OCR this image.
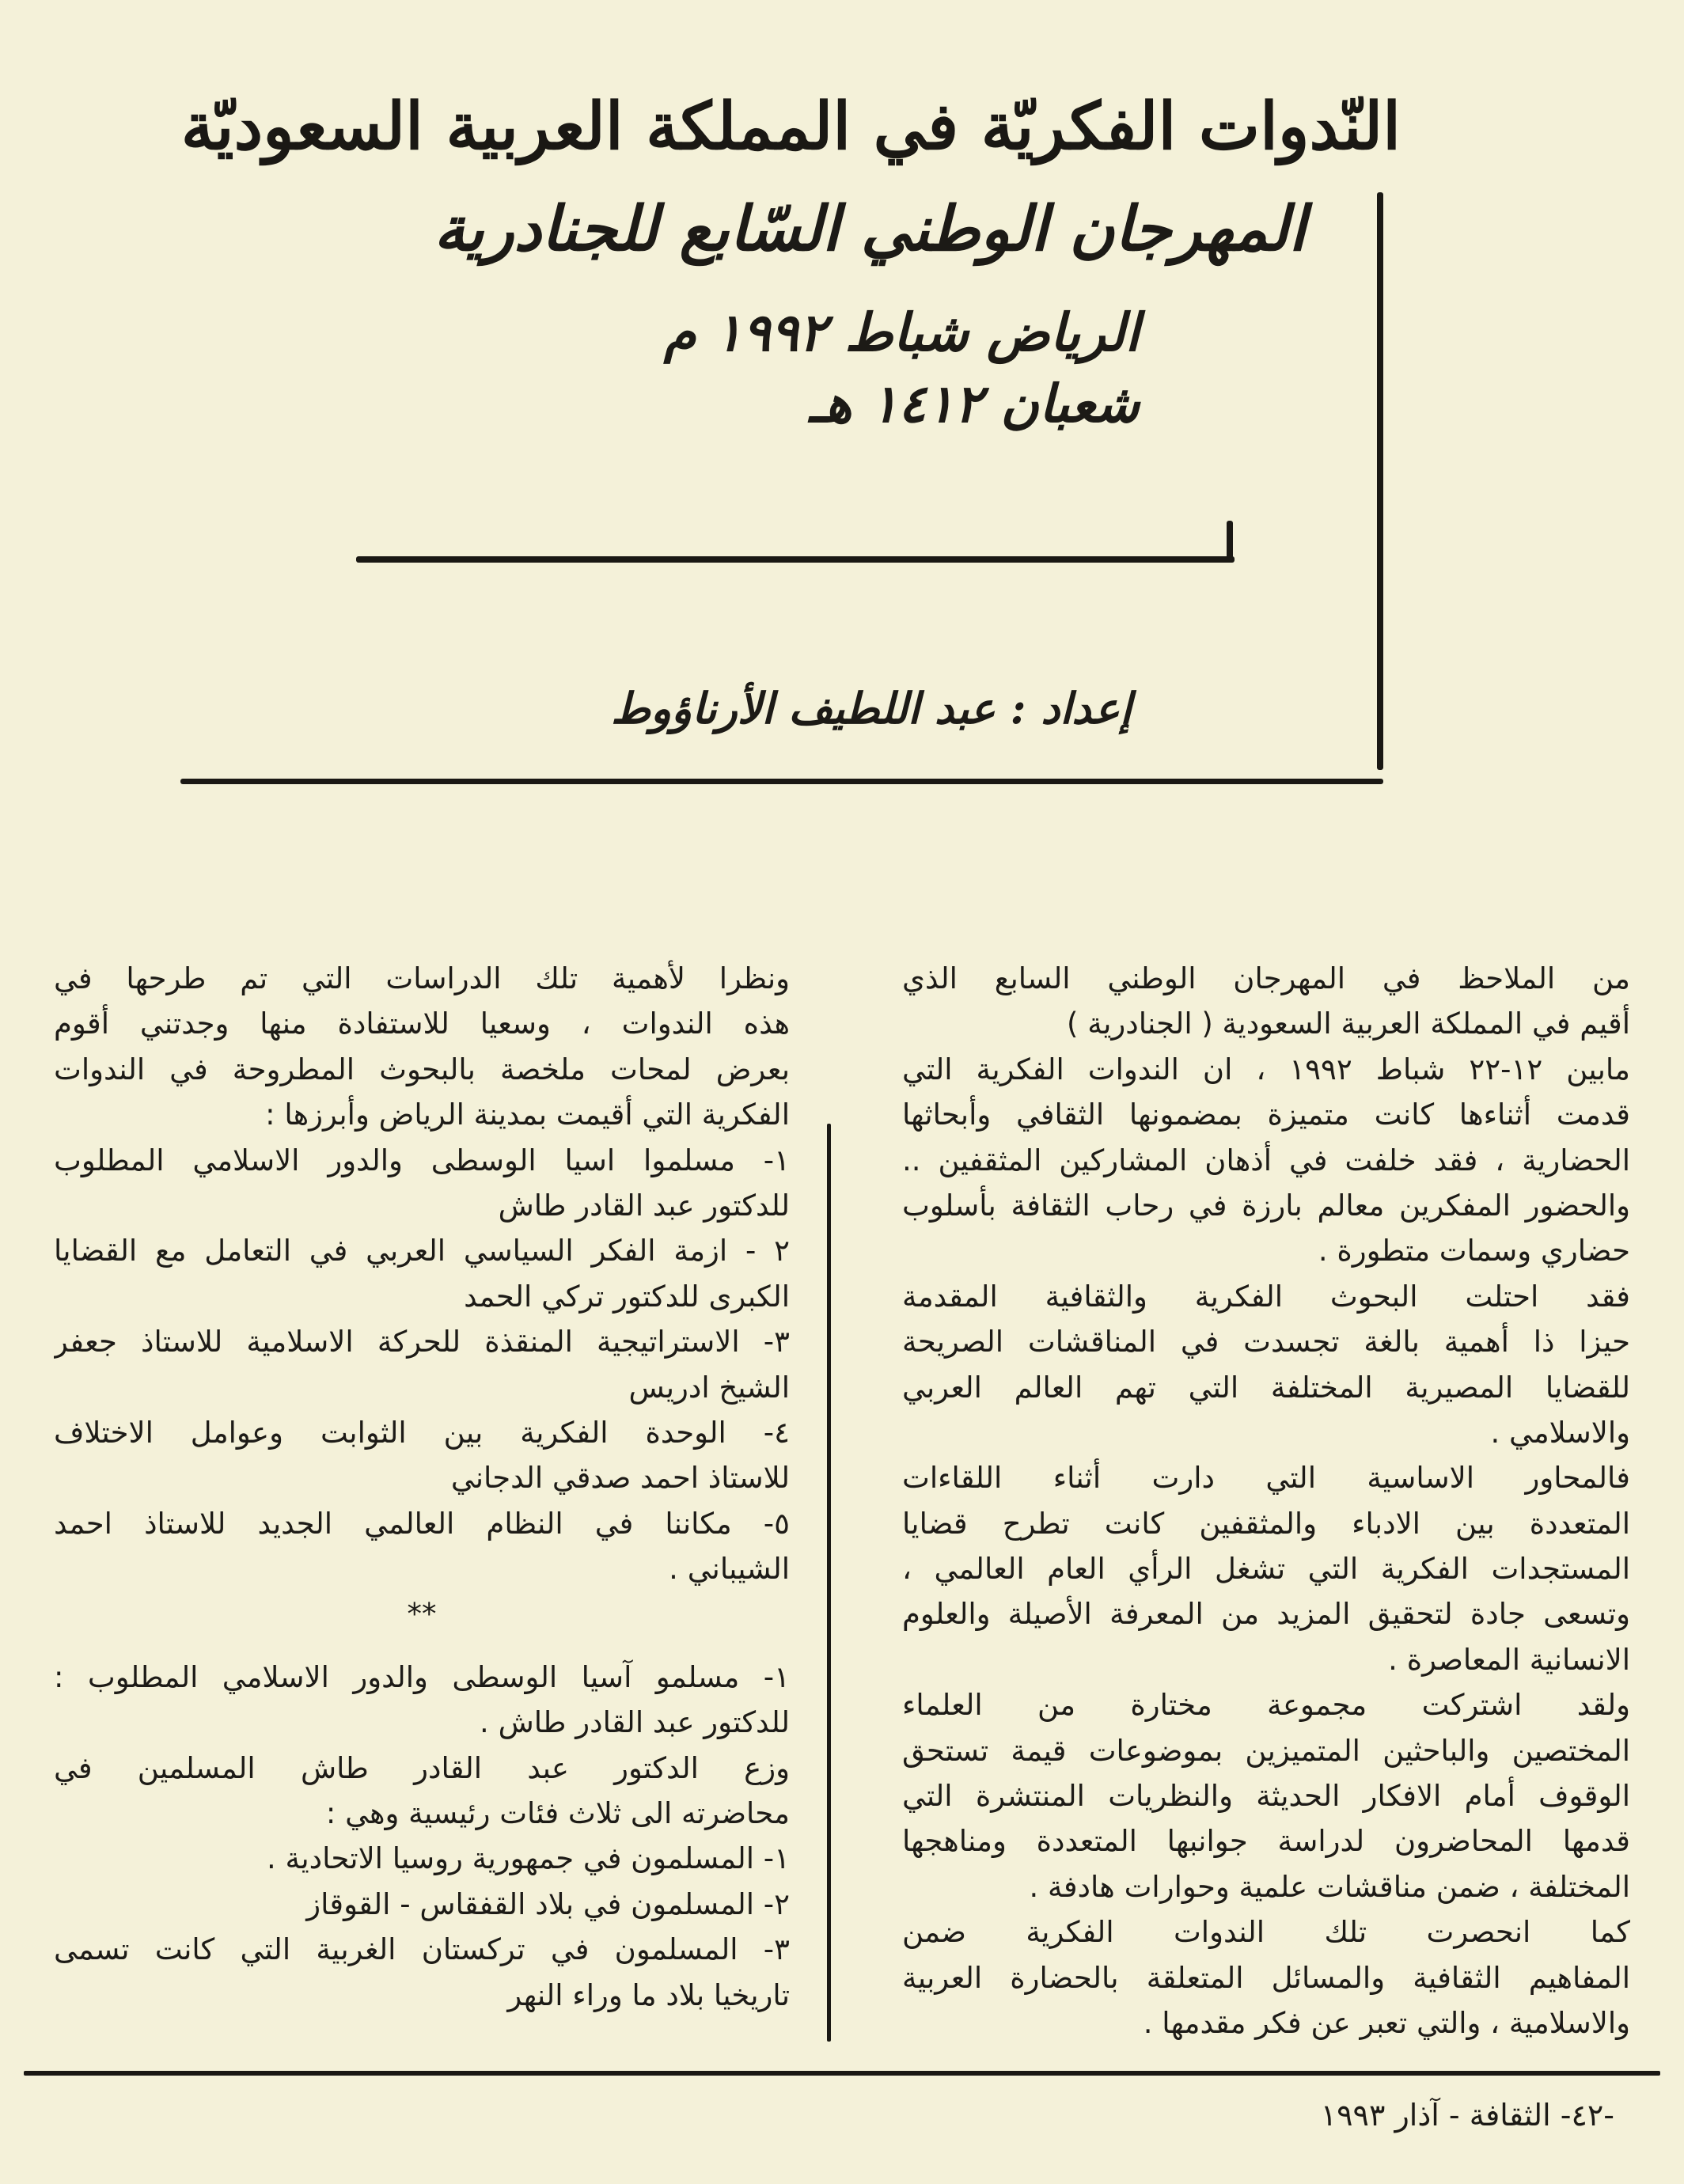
النّدوات الفكريّة في المملكة العربية السعوديّة
المهرجان الوطني السّابع للجنادرية
الرياض شباط ١٩٩٢ م
شعبان ١٤١٢ هـ
إعداد : عبد اللطيف الأرناؤوط
من الملاحظ في المهرجان الوطني السابع الذي
أقيم في المملكة العربية السعودية ( الجنادرية )
مابين ١٢-٢٢ شباط ١٩٩٢ ، ان الندوات الفكرية التي
قدمت أثناءها كانت متميزة بمضمونها الثقافي وأبحاثها
الحضارية ، فقد خلفت في أذهان المشاركين المثقفين ..
والحضور المفكرين معالم بارزة في رحاب الثقافة بأسلوب
حضاري وسمات متطورة .
فقد احتلت البحوث الفكرية والثقافية المقدمة
حيزا ذا أهمية بالغة تجسدت في المناقشات الصريحة
للقضايا المصيرية المختلفة التي تهم العالم العربي
والاسلامي .
فالمحاور الاساسية التي دارت أثناء اللقاءات
المتعددة بين الادباء والمثقفين كانت تطرح قضايا
المستجدات الفكرية التي تشغل الرأي العام العالمي ،
وتسعى جادة لتحقيق المزيد من المعرفة الأصيلة والعلوم
الانسانية المعاصرة .
ولقد اشتركت مجموعة مختارة من العلماء
المختصين والباحثين المتميزين بموضوعات قيمة تستحق
الوقوف أمام الافكار الحديثة والنظريات المنتشرة التي
قدمها المحاضرون لدراسة جوانبها المتعددة ومناهجها
المختلفة ، ضمن مناقشات علمية وحوارات هادفة .
كما انحصرت تلك الندوات الفكرية ضمن
المفاهيم الثقافية والمسائل المتعلقة بالحضارة العربية
والاسلامية ، والتي تعبر عن فكر مقدمها .
ونظرا لأهمية تلك الدراسات التي تم طرحها في
هذه الندوات ، وسعيا للاستفادة منها وجدتني أقوم
بعرض لمحات ملخصة بالبحوث المطروحة في الندوات
الفكرية التي أقيمت بمدينة الرياض وأبرزها :
١- مسلموا اسيا الوسطى والدور الاسلامي المطلوب
للدكتور عبد القادر طاش
٢ - ازمة الفكر السياسي العربي في التعامل مع القضايا
الكبرى للدكتور تركي الحمد
٣- الاستراتيجية المنقذة للحركة الاسلامية للاستاذ جعفر
الشيخ ادريس
٤- الوحدة الفكرية بين الثوابت وعوامل الاختلاف
للاستاذ احمد صدقي الدجاني
٥- مكاننا في النظام العالمي الجديد للاستاذ احمد
الشيباني .
**
١- مسلمو آسيا الوسطى والدور الاسلامي المطلوب :
للدكتور عبد القادر طاش .
وزع الدكتور عبد القادر طاش المسلمين في
محاضرته الى ثلاث فئات رئيسية وهي :
١- المسلمون في جمهورية روسيا الاتحادية .
٢- المسلمون في بلاد القفقاس - القوقاز
٣- المسلمون في تركستان الغربية التي كانت تسمى
تاريخيا بلاد ما وراء النهر
-٤٢- الثقافة - آذار ١٩٩٣
